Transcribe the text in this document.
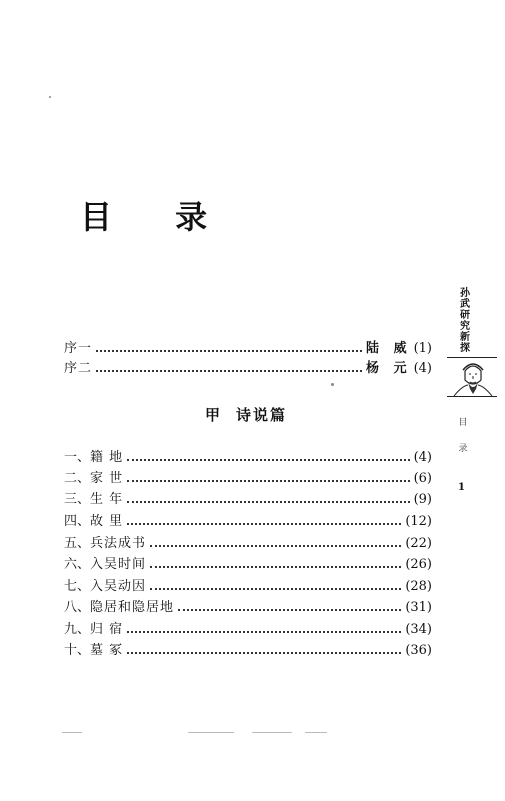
目 录
序一	陆 威 (1)
序二	杨 元 (4)
甲 诗说篇
一、 籍 地	(4)
二、 家 世	(6)
三、 生 年	(9)
四、 故 里	(12)
五、 兵法成书	(22)
六、 入吴时间	(26)
七、 入吴动因	(28)
八、 隐居和隐居地	(31)
九、 归 宿	(34)
十、 墓 冢	(36)
孙武研究新探
目录
1
